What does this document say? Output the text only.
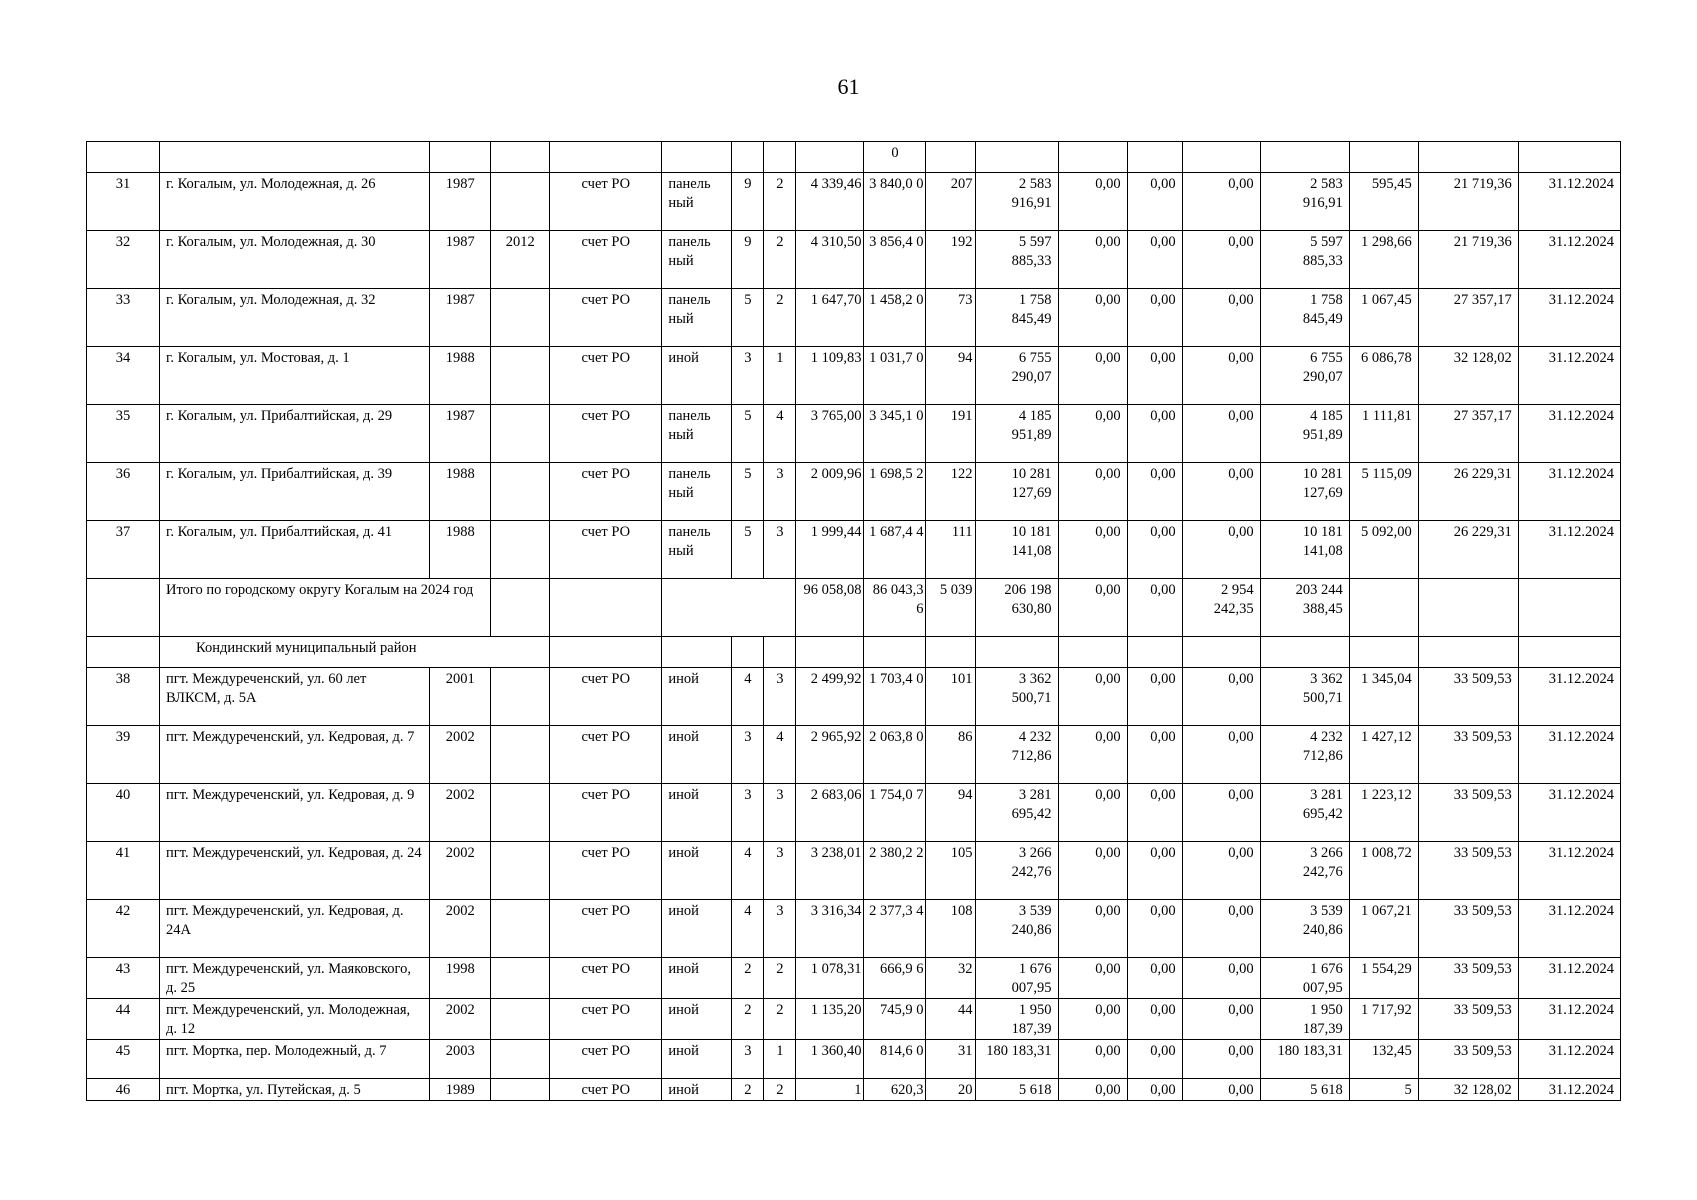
61
									0									
31	г. Когалым, ул. Молодежная, д. 26	1987		счет РО	панель ный	9	2	4 339,46	3 840,0 0	207	2 583 916,91	0,00	0,00	0,00	2 583 916,91	595,45	21 719,36	31.12.2024
32	г. Когалым, ул. Молодежная, д. 30	1987	2012	счет РО	панель ный	9	2	4 310,50	3 856,4 0	192	5 597 885,33	0,00	0,00	0,00	5 597 885,33	1 298,66	21 719,36	31.12.2024
33	г. Когалым, ул. Молодежная, д. 32	1987		счет РО	панель ный	5	2	1 647,70	1 458,2 0	73	1 758 845,49	0,00	0,00	0,00	1 758 845,49	1 067,45	27 357,17	31.12.2024
34	г. Когалым, ул. Мостовая, д. 1	1988		счет РО	иной	3	1	1 109,83	1 031,7 0	94	6 755 290,07	0,00	0,00	0,00	6 755 290,07	6 086,78	32 128,02	31.12.2024
35	г. Когалым, ул. Прибалтийская, д. 29	1987		счет РО	панель ный	5	4	3 765,00	3 345,1 0	191	4 185 951,89	0,00	0,00	0,00	4 185 951,89	1 111,81	27 357,17	31.12.2024
36	г. Когалым, ул. Прибалтийская, д. 39	1988		счет РО	панель ный	5	3	2 009,96	1 698,5 2	122	10 281 127,69	0,00	0,00	0,00	10 281 127,69	5 115,09	26 229,31	31.12.2024
37	г. Когалым, ул. Прибалтийская, д. 41	1988		счет РО	панель ный	5	3	1 999,44	1 687,4 4	111	10 181 141,08	0,00	0,00	0,00	10 181 141,08	5 092,00	26 229,31	31.12.2024
	Итого по городскому округу Когалым на 2024 год							96 058,08	86 043,3 6	5 039	206 198 630,80	0,00	0,00	2 954 242,35	203 244 388,45			
	Кондинский муниципальный район																	
38	пгт. Междуреченский, ул. 60 лет ВЛКСМ, д. 5А	2001		счет РО	иной	4	3	2 499,92	1 703,4 0	101	3 362 500,71	0,00	0,00	0,00	3 362 500,71	1 345,04	33 509,53	31.12.2024
39	пгт. Междуреченский, ул. Кедровая, д. 7	2002		счет РО	иной	3	4	2 965,92	2 063,8 0	86	4 232 712,86	0,00	0,00	0,00	4 232 712,86	1 427,12	33 509,53	31.12.2024
40	пгт. Междуреченский, ул. Кедровая, д. 9	2002		счет РО	иной	3	3	2 683,06	1 754,0 7	94	3 281 695,42	0,00	0,00	0,00	3 281 695,42	1 223,12	33 509,53	31.12.2024
41	пгт. Междуреченский, ул. Кедровая, д. 24	2002		счет РО	иной	4	3	3 238,01	2 380,2 2	105	3 266 242,76	0,00	0,00	0,00	3 266 242,76	1 008,72	33 509,53	31.12.2024
42	пгт. Междуреченский, ул. Кедровая, д. 24А	2002		счет РО	иной	4	3	3 316,34	2 377,3 4	108	3 539 240,86	0,00	0,00	0,00	3 539 240,86	1 067,21	33 509,53	31.12.2024
43	пгт. Междуреченский, ул. Маяковского, д. 25	1998		счет РО	иной	2	2	1 078,31	666,9 6	32	1 676 007,95	0,00	0,00	0,00	1 676 007,95	1 554,29	33 509,53	31.12.2024
44	пгт. Междуреченский, ул. Молодежная, д. 12	2002		счет РО	иной	2	2	1 135,20	745,9 0	44	1 950 187,39	0,00	0,00	0,00	1 950 187,39	1 717,92	33 509,53	31.12.2024
45	пгт. Мортка, пер. Молодежный, д. 7	2003		счет РО	иной	3	1	1 360,40	814,6 0	31	180 183,31	0,00	0,00	0,00	180 183,31	132,45	33 509,53	31.12.2024
46	пгт. Мортка, ул. Путейская, д. 5	1989		счет РО	иной	2	2	1	620,3	20	5 618	0,00	0,00	0,00	5 618	5	32 128,02	31.12.2024
